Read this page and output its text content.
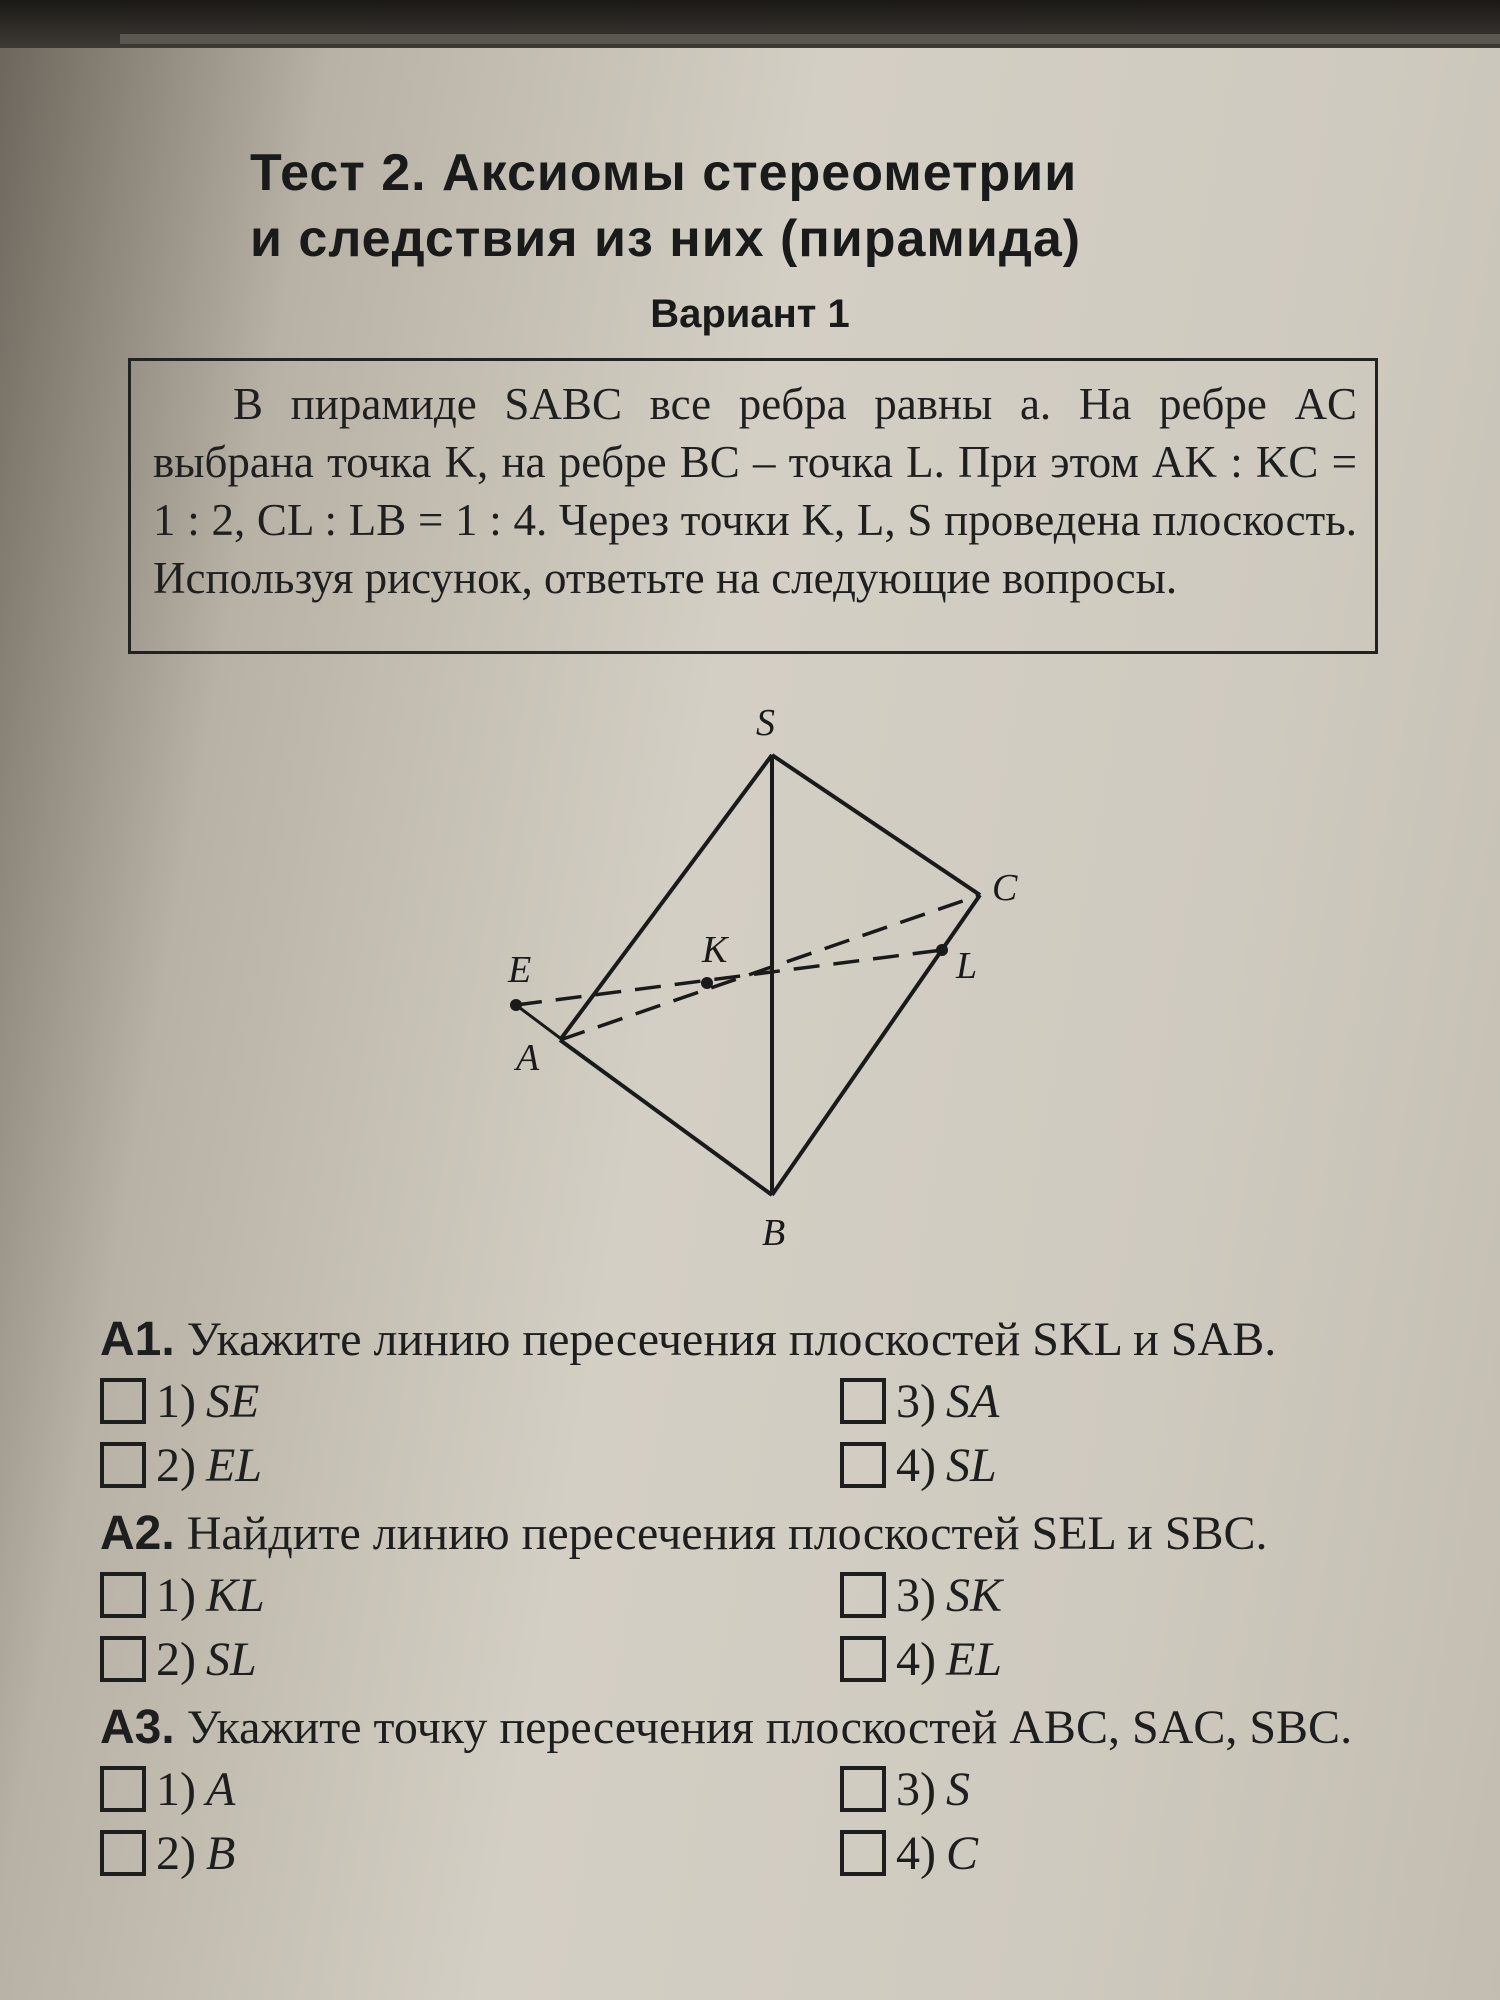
Тест 2. Аксиомы стереометрии
и следствия из них (пирамида)
Вариант 1
В пирамиде SABC все ребра равны a. На ребре AC выбрана точка K, на ребре BC – точка L. При этом AK : KC = 1 : 2, CL : LB = 1 : 4. Через точки K, L, S проведена плоскость. Используя рисунок, ответьте на следующие вопросы.
S
C
E	K	L
A
B
A1. Укажите линию пересечения плоскостей SKL и SAB.
1) SE	3) SA
2) EL	4) SL
A2. Найдите линию пересечения плоскостей SEL и SBC.
1) KL	3) SK
2) SL	4) EL
A3. Укажите точку пересечения плоскостей ABC, SAC, SBC.
1) A	3) S
2) B	4) C
